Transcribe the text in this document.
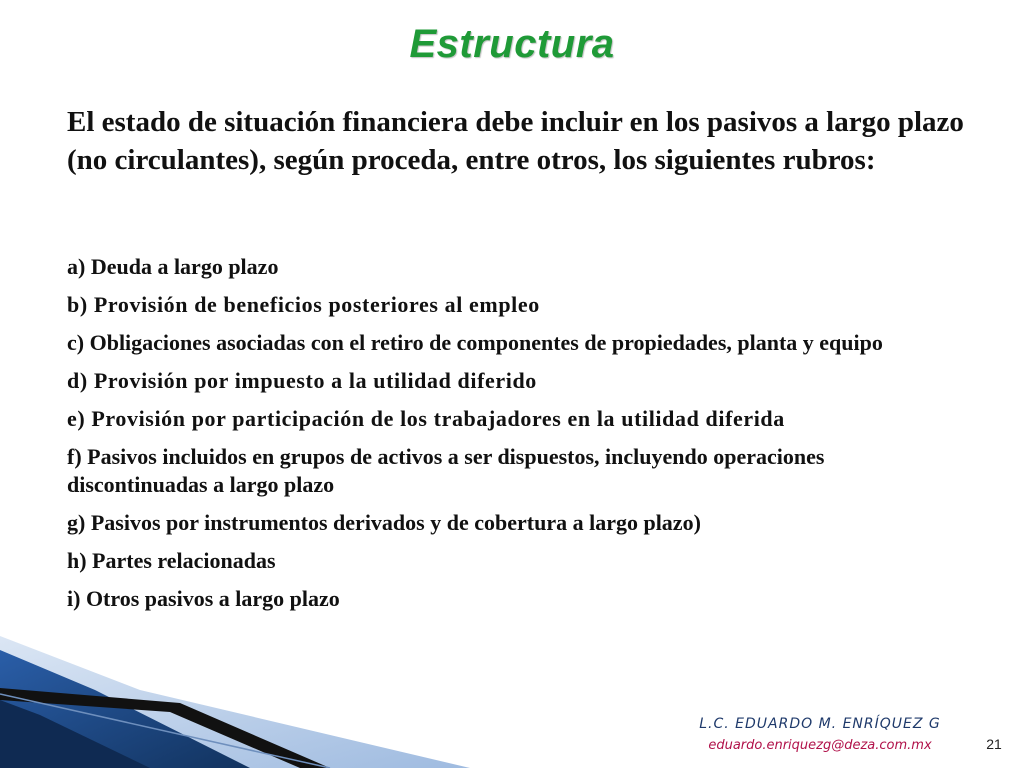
Estructura
El estado de situación financiera debe incluir en los pasivos a largo plazo (no circulantes), según proceda, entre otros, los siguientes rubros:
a) Deuda a largo plazo
b) Provisión de beneficios posteriores al empleo
c) Obligaciones asociadas con el retiro de componentes de propiedades, planta y equipo
d) Provisión por impuesto a la utilidad diferido
e) Provisión por participación de los trabajadores en la utilidad diferida
f) Pasivos incluidos en grupos de activos a ser dispuestos, incluyendo operaciones discontinuadas a largo plazo
g) Pasivos por instrumentos derivados y de cobertura a largo plazo)
h) Partes relacionadas
i) Otros pasivos a largo plazo
L.C. EDUARDO M. ENRÍQUEZ G
eduardo.enriquezg@deza.com.mx	21
